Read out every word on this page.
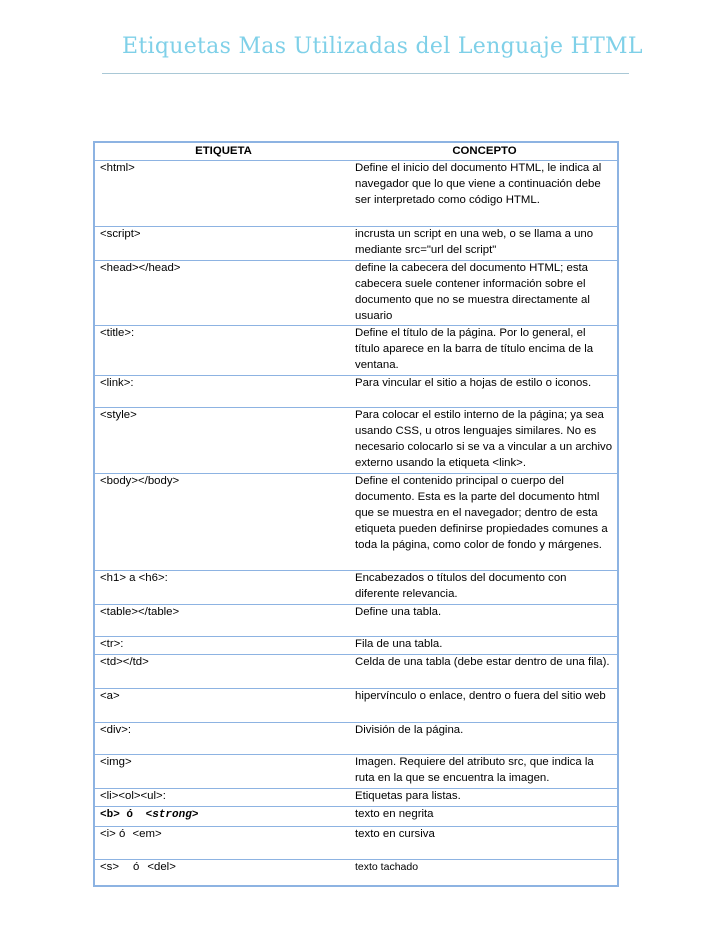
Etiquetas Mas Utilizadas del Lenguaje HTML
ETIQUETA	CONCEPTO
<html>	Define el inicio del documento HTML, le indica al navegador que lo que viene a continuación debe ser interpretado como código HTML.
<script>	incrusta un script en una web, o se llama a uno mediante src="url del script"
<head></head>	define la cabecera del documento HTML; esta cabecera suele contener información sobre el documento que no se muestra directamente al usuario
<title>:	Define el título de la página. Por lo general, el título aparece en la barra de título encima de la ventana.
<link>:	Para vincular el sitio a hojas de estilo o iconos.
<style>	Para colocar el estilo interno de la página; ya sea usando CSS, u otros lenguajes similares. No es necesario colocarlo si se va a vincular a un archivo externo usando la etiqueta <link>.
<body></body>	Define el contenido principal o cuerpo del documento. Esta es la parte del documento html que se muestra en el navegador; dentro de esta etiqueta pueden definirse propiedades comunes a toda la página, como color de fondo y márgenes.
<h1> a <h6>:	Encabezados o títulos del documento con diferente relevancia.
<table></table>	Define una tabla.
<tr>:	Fila de una tabla.
<td></td>	Celda de una tabla (debe estar dentro de una fila).
<a>	hipervínculo o enlace, dentro o fuera del sitio web
<div>:	División de la página.
<img>	Imagen. Requiere del atributo src, que indica la ruta en la que se encuentra la imagen.
<li><ol><ul>:	Etiquetas para listas.
<b> ó <strong>	texto en negrita
<i> ó <em>	texto en cursiva
<s> ó <del>	texto tachado
